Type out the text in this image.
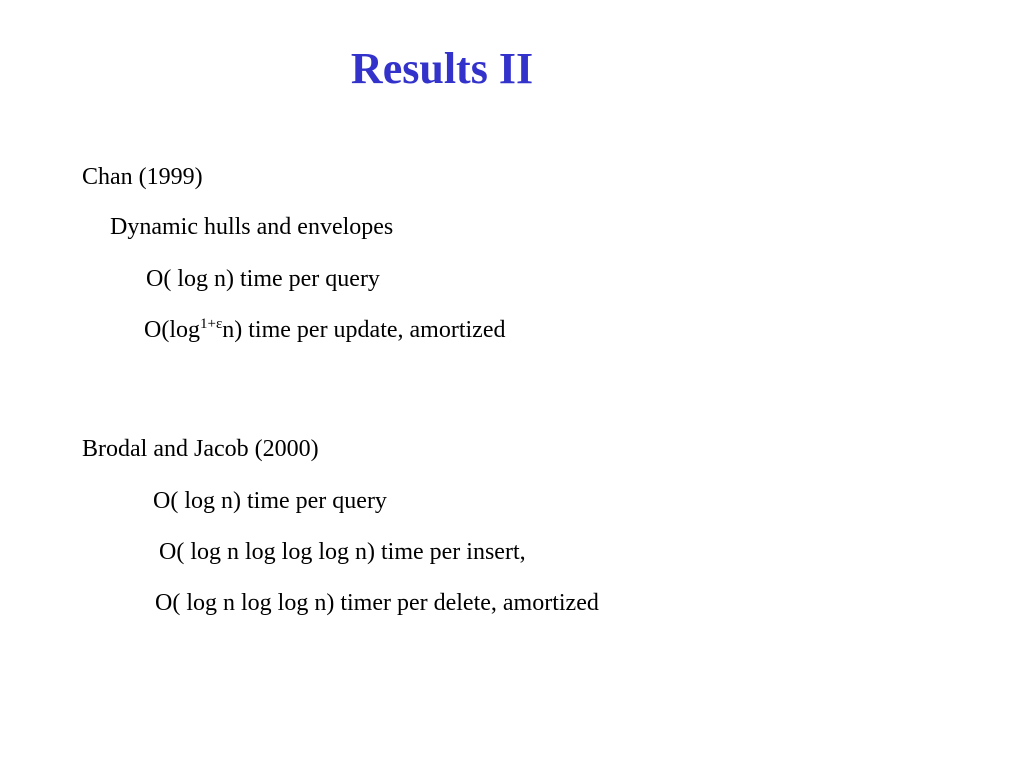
Results II
Chan (1999)
Dynamic hulls and envelopes
O( log n) time per query
$O(\log^{1+\varepsilon}n)$ time per update, amortized
Brodal and Jacob (2000)
O( log n) time per query
O( log n log log log n) time per insert,
O( log n log log n) timer per delete, amortized
